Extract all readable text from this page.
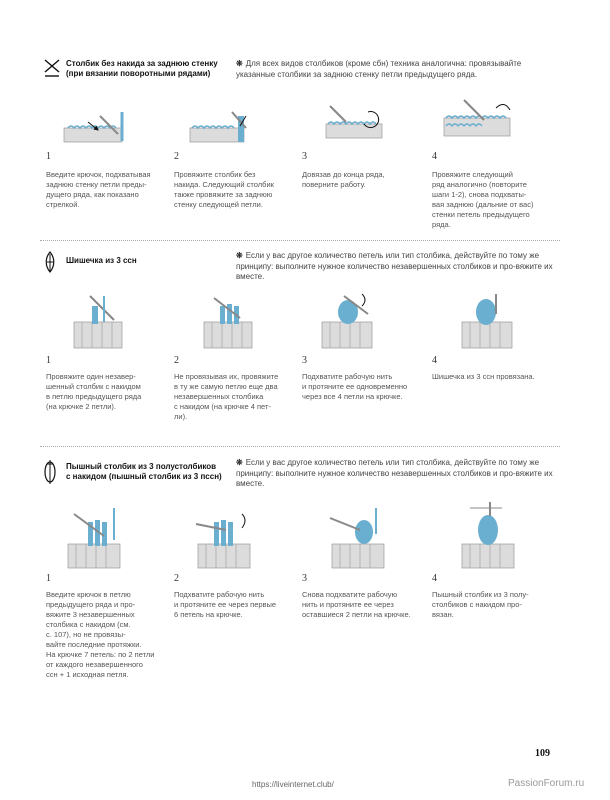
Столбик без накида за заднюю стенку
(при вязании поворотными рядами)
❊ Для всех видов столбиков (кроме сбн) техника аналогична: провязывайте указанные столбики за заднюю стенку петли предыдущего ряда.
1	2	3	4
Введите крючок, подхватывая
заднюю стенку петли преды-
дущего ряда, как показано
стрелкой.
Провяжите столбик без
накида. Следующий столбик
также провяжите за заднюю
стенку следующей петли.
Довязав до конца ряда,
поверните работу.
Провяжите следующий
ряд аналогично (повторите
шаги 1-2), снова подхваты-
вая заднюю (дальние от вас)
стенки петель предыдущего
ряда.
Шишечка из 3 ссн
❊ Если у вас другое количество петель или тип столбика, действуйте по тому же принципу: выполните нужное количество незавершенных столбиков и про-вяжите их вместе.
1	2	3	4
Провяжите один незавер-
шенный столбик с накидом
в петлю предыдущего ряда
(на крючке 2 петли).
Не провязывая их, провяжите
в ту же самую петлю еще два
незавершенных столбика
с накидом (на крючке 4 пет-
ли).
Подхватите рабочую нить
и протяните ее одновременно
через все 4 петли на крючке.
Шишечка из 3 ссн провязана.
Пышный столбик из 3 полустолбиков
с накидом (пышный столбик из 3 пссн)
❊ Если у вас другое количество петель или тип столбика, действуйте по тому же принципу: выполните нужное количество незавершенных столбиков и про-вяжите их вместе.
1	2	3	4
Введите крючок в петлю
предыдущего ряда и про-
вяжите 3 незавершенных
столбика с накидом (см.
с. 107), но не провязы-
вайте последние протяжки.
На крючке 7 петель: по 2 петли
от каждого незавершенного
ссн + 1 исходная петля.
Подхватите рабочую нить
и протяните ее через первые
6 петель на крючке.
Снова подхватите рабочую
нить и протяните ее через
оставшиеся 2 петли на крючке.
Пышный столбик из 3 полу-
столбиков с накидом про-
вязан.
109
https://liveinternet.club/	PassionForum.ru
